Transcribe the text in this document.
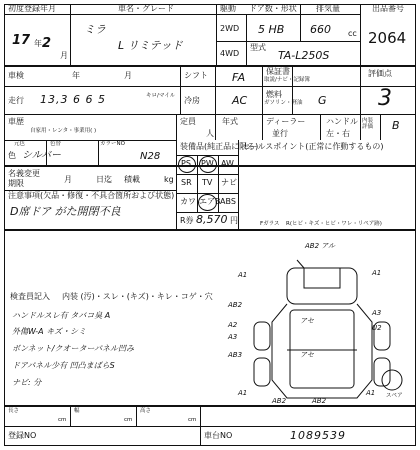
初度登録年月
17 年 2
月
車名・グレード
ミラ
L リミテッド
駆動
2WD
4WD
ドア数・形状
5 HB
排気量
660 cc
型式
TA-L250S
出品番号
2064
車検	年	月	シフト FA	保証書
取説/ナビ・記録簿
評価点
3
走行 13,3 6 6 5	キロ/マイル 冷房	AC 燃料
ガソリン・軽油 G
車歴
自家用・レンタ・事業用( )
定員
人
年式	ディーラー
並行
ハンドル
左・右
内装評価	B
元色
色 シルバー
色替	カラーNO
N28
装備品(純正品に限る)
セールスポイント(正常に作動するもの)
PS PW AW
SR TV ナビ
カワ エアB ABS
R券 8,570 円
名義変更
期限	月	日迄 積載	kg
注意事項(欠品・修復・不具合箇所および状態)
D席ドア がた開閉不良
Fガラス R(ヒビ・キズ・ヒビ・ワレ・リペア跡)
検査員記入 内装 (汚)・スレ・(キズ)・キレ・コゲ・穴
ハンドルスレ有 タバコ臭 A
外傷W-A キズ・シミ
ボンネット/クオーターパネル凹み
ドアパネル少有 凹凸まばらS
ナビ: 分
AB2 アル
A1	A1
AB2
A2
A3
A3
U2
AB3
A1	A1
AB2	AB2
アセ
アセ
スペア
長さ
cm
幅
cm
高さ
cm
登録NO	車台NO	1089539
